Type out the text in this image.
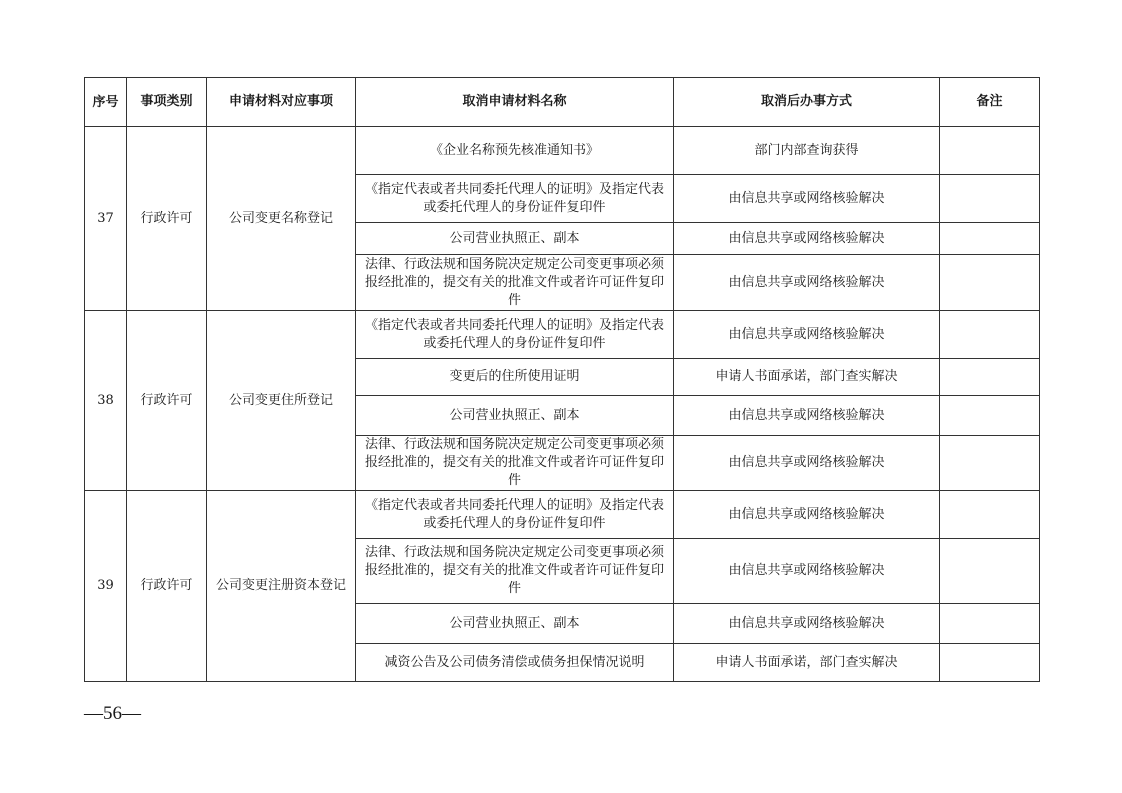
序号	事项类别	申请材料对应事项	取消申请材料名称	取消后办事方式	备注
37	行政许可	公司变更名称登记	《企业名称预先核准通知书》	部门内部查询获得	
			《指定代表或者共同委托代理人的证明》及指定代表或委托代理人的身份证件复印件	由信息共享或网络核验解决	
			公司营业执照正、副本	由信息共享或网络核验解决	
			法律、行政法规和国务院决定规定公司变更事项必须报经批准的，提交有关的批准文件或者许可证件复印件	由信息共享或网络核验解决	
38	行政许可	公司变更住所登记	《指定代表或者共同委托代理人的证明》及指定代表或委托代理人的身份证件复印件	由信息共享或网络核验解决	
			变更后的住所使用证明	申请人书面承诺，部门查实解决	
			公司营业执照正、副本	由信息共享或网络核验解决	
			法律、行政法规和国务院决定规定公司变更事项必须报经批准的，提交有关的批准文件或者许可证件复印件	由信息共享或网络核验解决	
39	行政许可	公司变更注册资本登记	《指定代表或者共同委托代理人的证明》及指定代表或委托代理人的身份证件复印件	由信息共享或网络核验解决	
			法律、行政法规和国务院决定规定公司变更事项必须报经批准的，提交有关的批准文件或者许可证件复印件	由信息共享或网络核验解决	
			公司营业执照正、副本	由信息共享或网络核验解决	
			减资公告及公司债务清偿或债务担保情况说明	申请人书面承诺，部门查实解决	
—56—
